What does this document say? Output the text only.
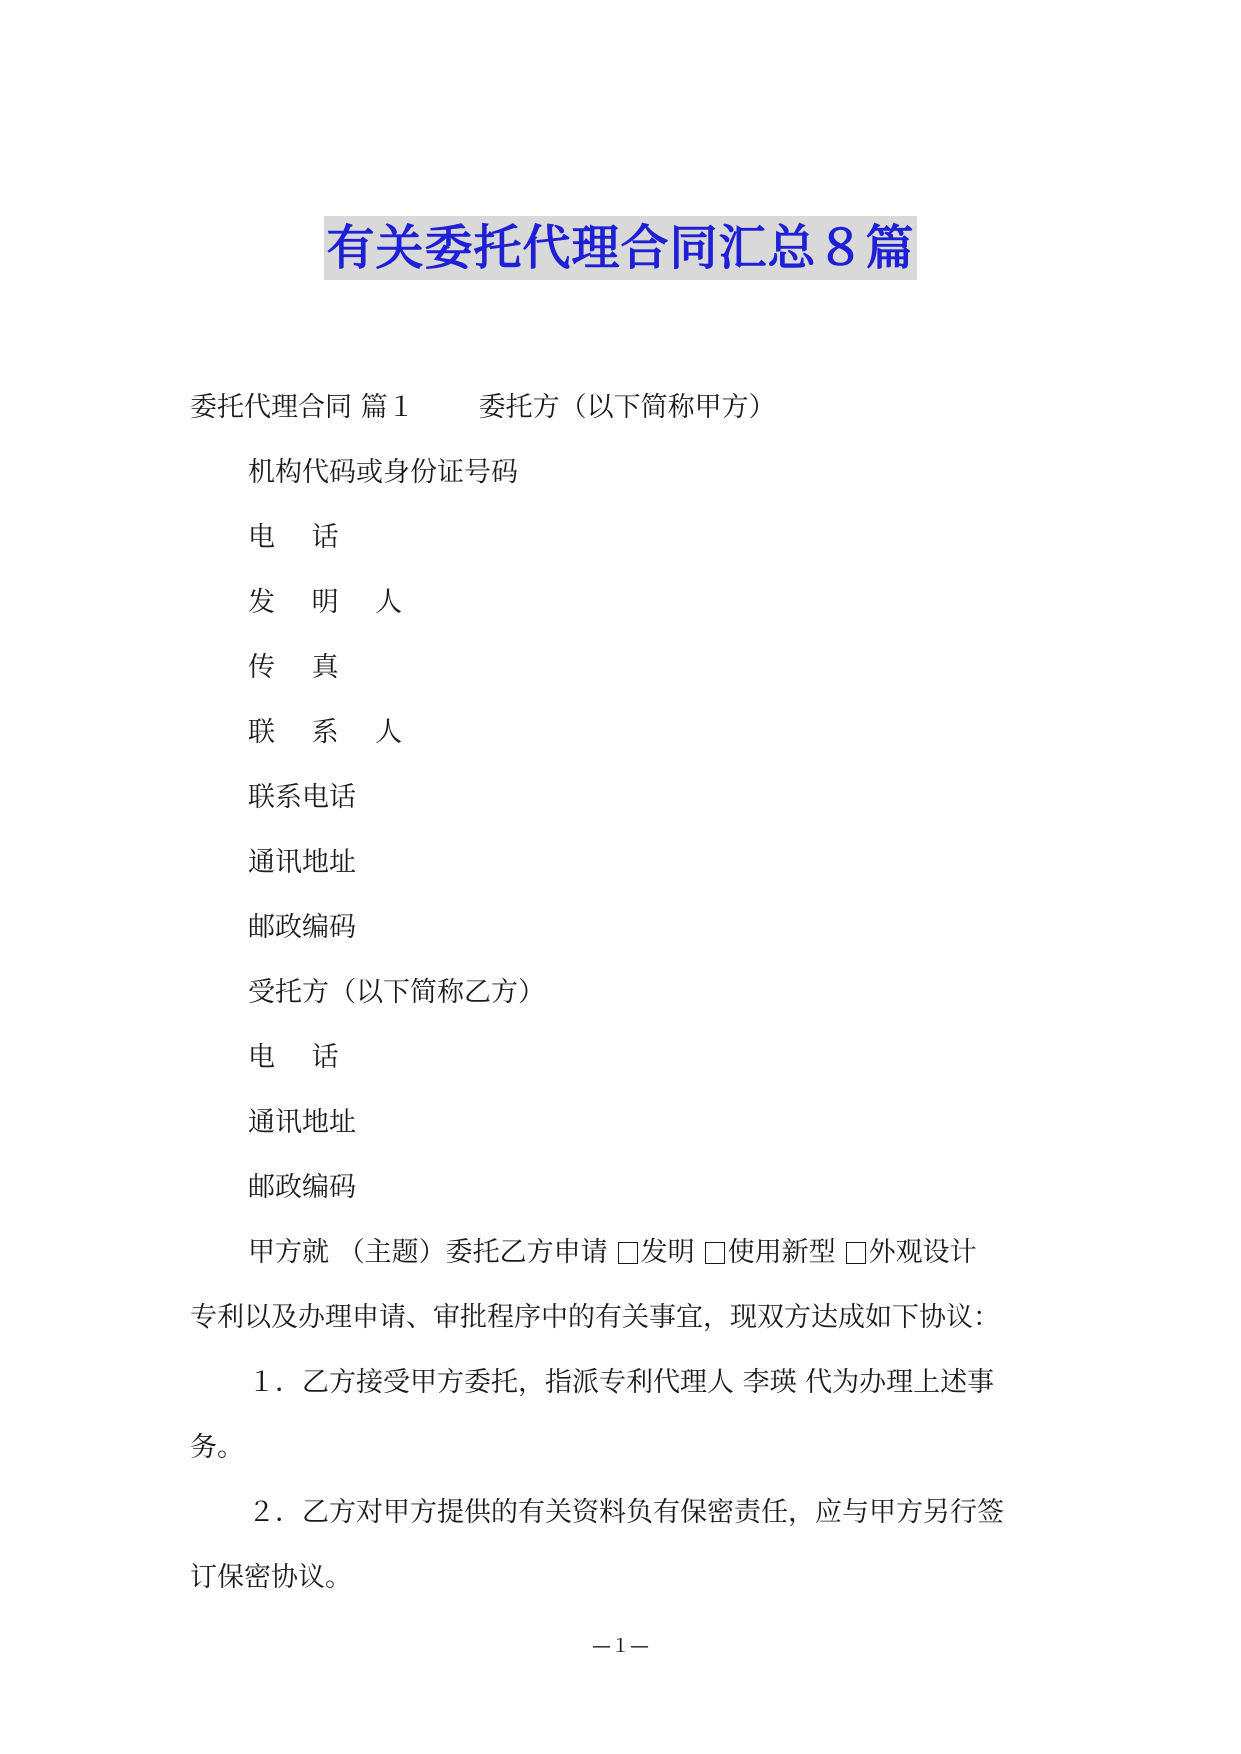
有关委托代理合同汇总８篇
委托代理合同 篇１ 委托方（以下简称甲方）
机构代码或身份证号码
电 话
发 明 人
传 真
联 系 人
联系电话
通讯地址
邮政编码
受托方（以下简称乙方）
电 话
通讯地址
邮政编码
甲方就 （主题）委托乙方申请 发明 使用新型 外观设计
专利以及办理申请、审批程序中的有关事宜，现双方达成如下协议：
１．乙方接受甲方委托，指派专利代理人 李瑛 代为办理上述事
务。
２．乙方对甲方提供的有关资料负有保密责任，应与甲方另行签
订保密协议。
—１—
